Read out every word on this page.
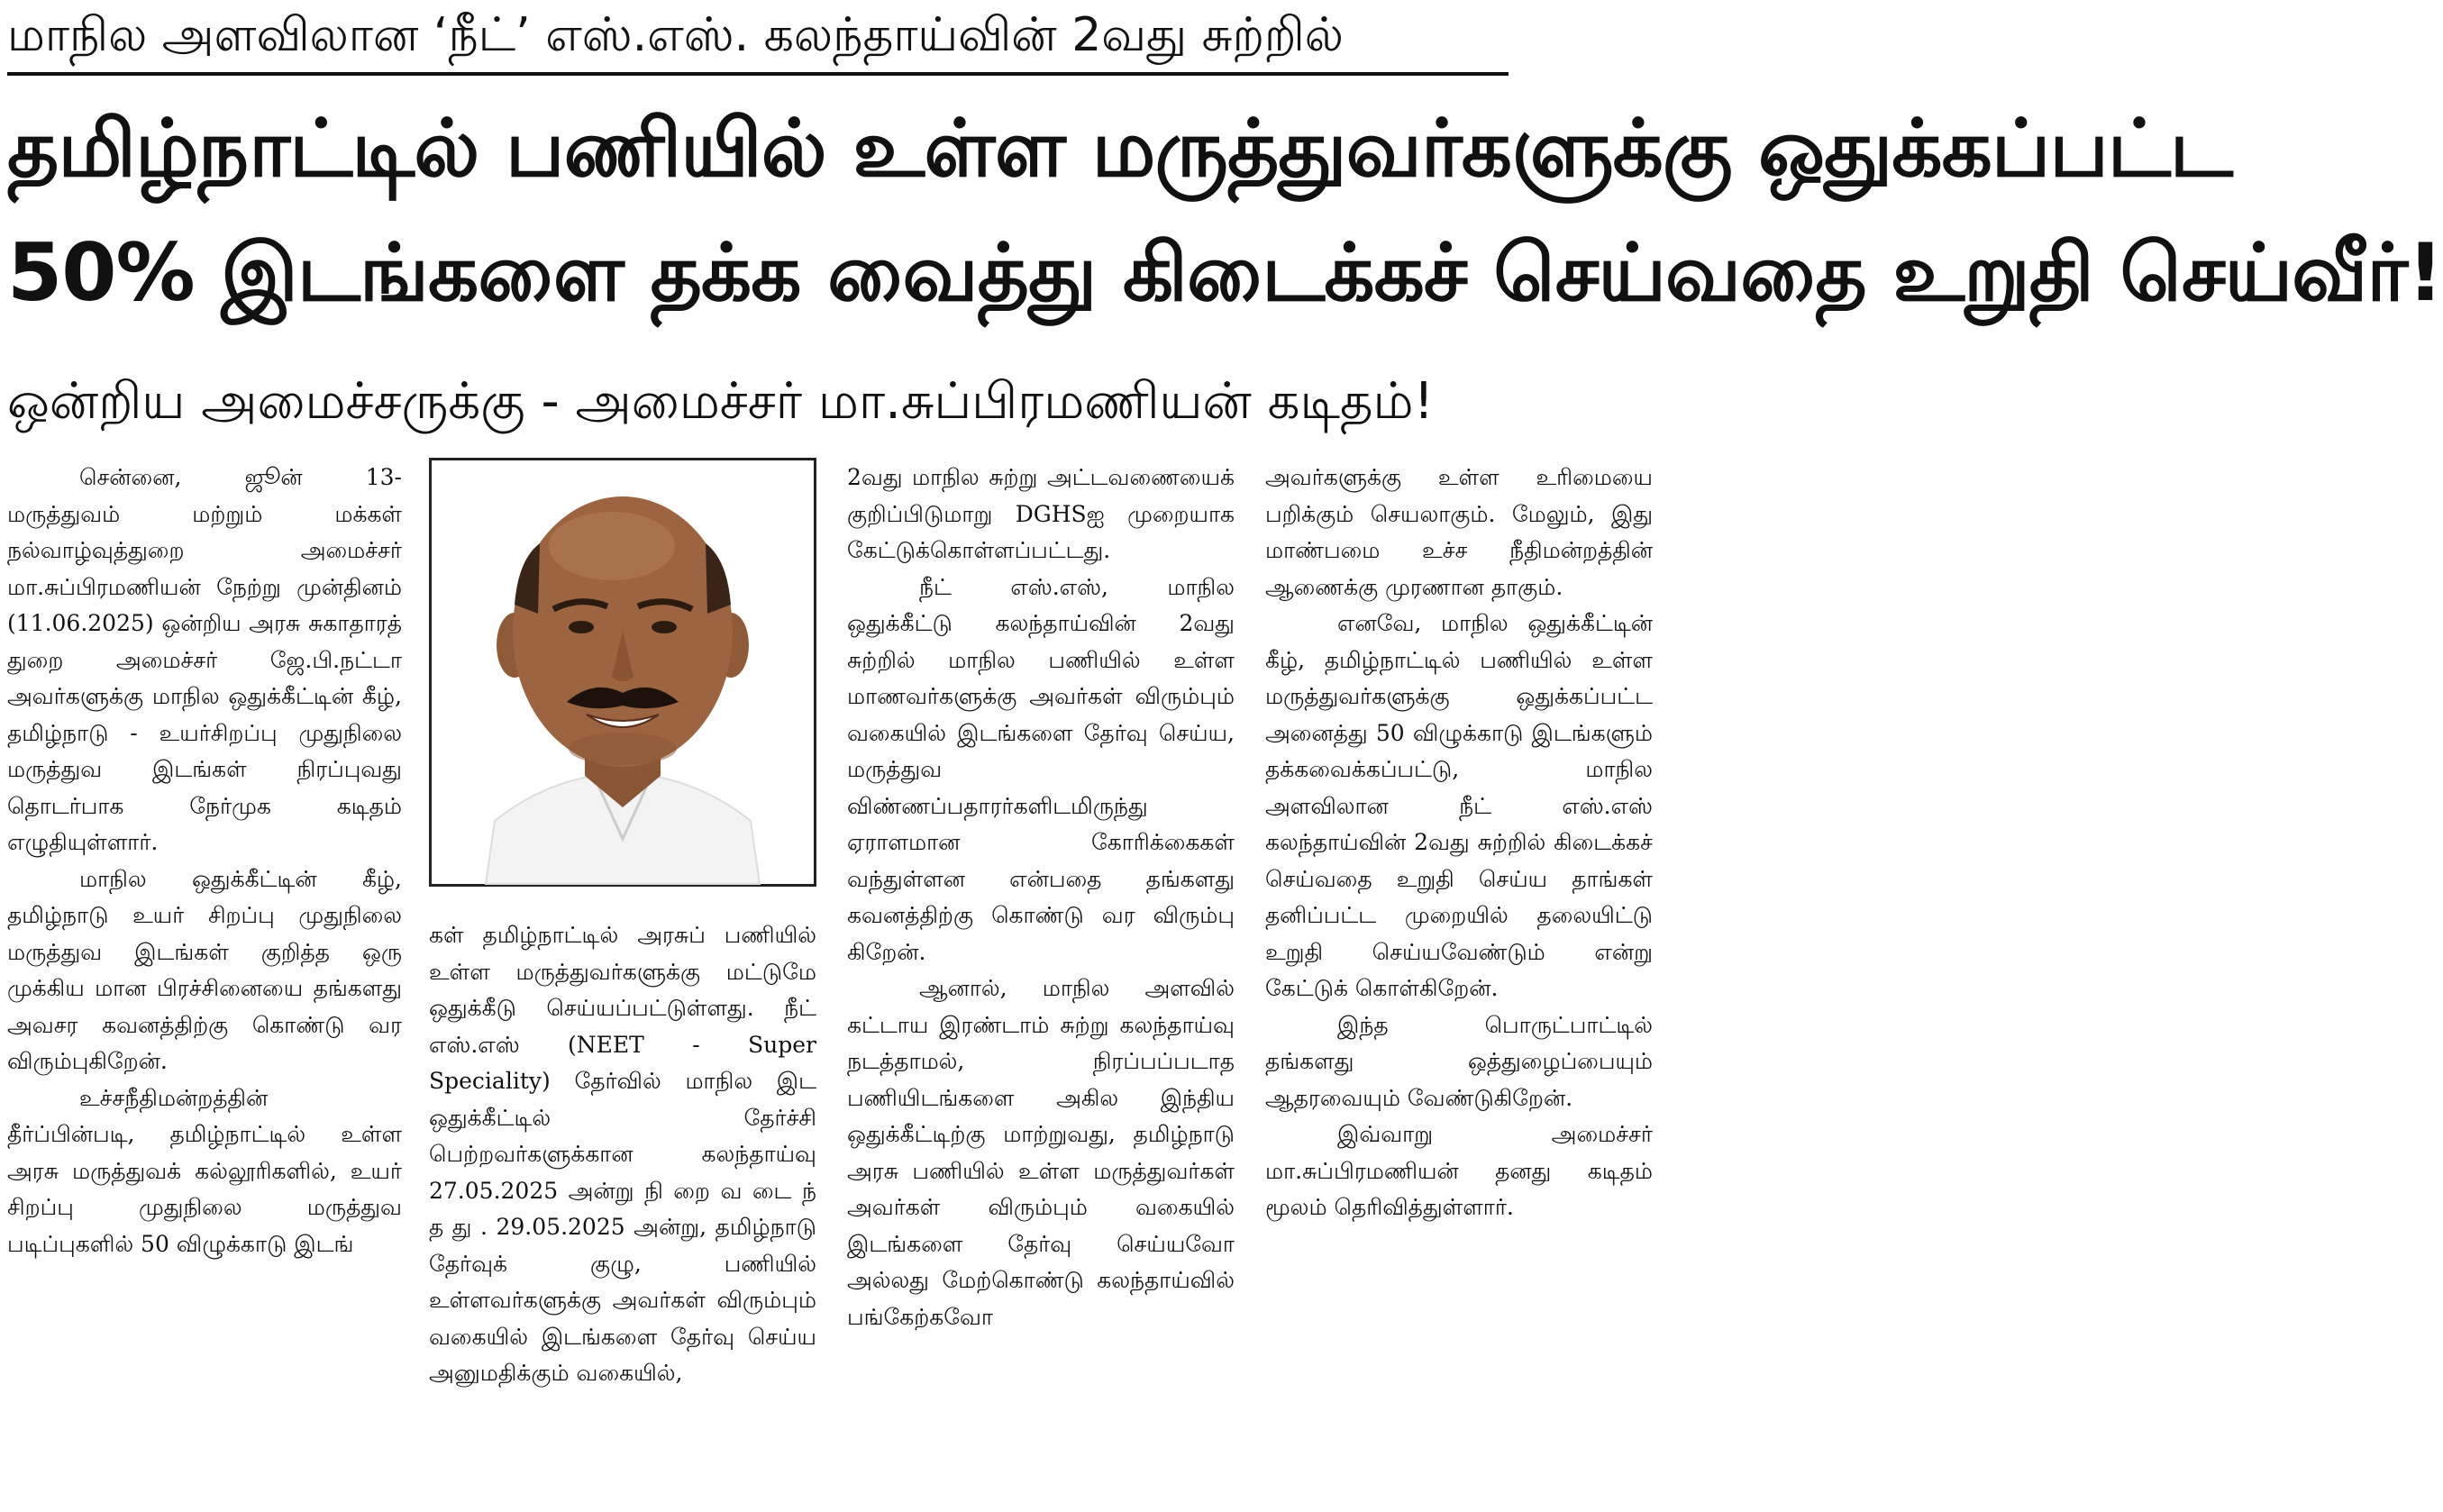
மாநில அளவிலான ‘நீட்’ எஸ்.எஸ். கலந்தாய்வின் 2வது சுற்றில்
தமிழ்நாட்டில் பணியில் உள்ள மருத்துவர்களுக்கு ஒதுக்கப்பட்ட
50% இடங்களை தக்க வைத்து கிடைக்கச் செய்வதை உறுதி செய்வீர்!
ஒன்றிய அமைச்சருக்கு - அமைச்சர் மா.சுப்பிரமணியன் கடிதம்!

சென்னை, ஜூன் 13- மருத்துவம் மற்றும் மக்கள் நல்வாழ்வுத்துறை அமைச்சர் மா.சுப்பிரமணியன் நேற்று முன்தினம் (11.06.2025) ஒன்றிய அரசு சுகாதாரத் துறை அமைச்சர் ஜே.பி.நட்டா அவர்களுக்கு மாநில ஒதுக்கீட்டின் கீழ், தமிழ்நாடு - உயர்சிறப்பு முதுநிலை மருத்துவ இடங்கள் நிரப்புவது தொடர்பாக நேர்முக கடிதம் எழுதியுள்ளார்.

மாநில ஒதுக்கீட்டின் கீழ், தமிழ்நாடு உயர் சிறப்பு முதுநிலை மருத்துவ இடங்கள் குறித்த ஒரு முக்கிய மான பிரச்சினையை தங்களது அவசர கவனத்திற்கு கொண்டு வர விரும்புகிறேன்.

உச்சநீதிமன்றத்தின் தீர்ப்பின்படி, தமிழ்நாட்டில் உள்ள அரசு மருத்துவக் கல்லூரிகளில், உயர் சிறப்பு முதுநிலை மருத்துவ படிப்புகளில் 50 விழுக்காடு இடங்

கள் தமிழ்நாட்டில் அரசுப் பணியில் உள்ள மருத்துவர்களுக்கு மட்டுமே ஒதுக்கீடு செய்யப்பட்டுள்ளது. நீட் எஸ்.எஸ் (NEET - Super Speciality) தேர்வில் மாநில இட ஒதுக்கீட்டில் தேர்ச்சி பெற்றவர்களுக்கான கலந்தாய்வு 27.05.2025 அன்று நி றை வ டை ந் த து . 29.05.2025 அன்று, தமிழ்நாடு தேர்வுக் குழு, பணியில் உள்ளவர்களுக்கு அவர்கள் விரும்பும் வகையில் இடங்களை தேர்வு செய்ய அனுமதிக்கும் வகையில்,

2வது மாநில சுற்று அட்டவணையைக் குறிப்பிடுமாறு DGHSஐ முறையாக கேட்டுக்கொள்ளப்பட்டது.

நீட் எஸ்.எஸ், மாநில ஒதுக்கீட்டு கலந்தாய்வின் 2வது சுற்றில் மாநில பணியில் உள்ள மாணவர்களுக்கு அவர்கள் விரும்பும் வகையில் இடங்களை தேர்வு செய்ய, மருத்துவ விண்ணப்பதாரர்களிடமிருந்து ஏராளமான கோரிக்கைகள் வந்துள்ளன என்பதை தங்களது கவனத்திற்கு கொண்டு வர விரும்பு கிறேன்.

ஆனால், மாநில அளவில் கட்டாய இரண்டாம் சுற்று கலந்தாய்வு நடத்தாமல், நிரப்பப்படாத பணியிடங்களை அகில இந்திய ஒதுக்கீட்டிற்கு மாற்றுவது, தமிழ்நாடு அரசு பணியில் உள்ள மருத்துவர்கள் அவர்கள் விரும்பும் வகையில் இடங்களை தேர்வு செய்யவோ அல்லது மேற்கொண்டு கலந்தாய்வில் பங்கேற்கவோ

அவர்களுக்கு உள்ள உரிமையை பறிக்கும் செயலாகும். மேலும், இது மாண்பமை உச்ச நீதிமன்றத்தின் ஆணைக்கு முரணான தாகும்.

எனவே, மாநில ஒதுக்கீட்டின் கீழ், தமிழ்நாட்டில் பணியில் உள்ள மருத்துவர்களுக்கு ஒதுக்கப்பட்ட அனைத்து 50 விழுக்காடு இடங்களும் தக்கவைக்கப்பட்டு, மாநில அளவிலான நீட் எஸ்.எஸ் கலந்தாய்வின் 2வது சுற்றில் கிடைக்கச் செய்வதை உறுதி செய்ய தாங்கள் தனிப்பட்ட முறையில் தலையிட்டு உறுதி செய்யவேண்டும் என்று கேட்டுக் கொள்கிறேன்.

இந்த பொருட்பாட்டில் தங்களது ஒத்துழைப்பையும் ஆதரவையும் வேண்டுகிறேன்.

இவ்வாறு அமைச்சர் மா.சுப்பிரமணியன் தனது கடிதம் மூலம் தெரிவித்துள்ளார்.
